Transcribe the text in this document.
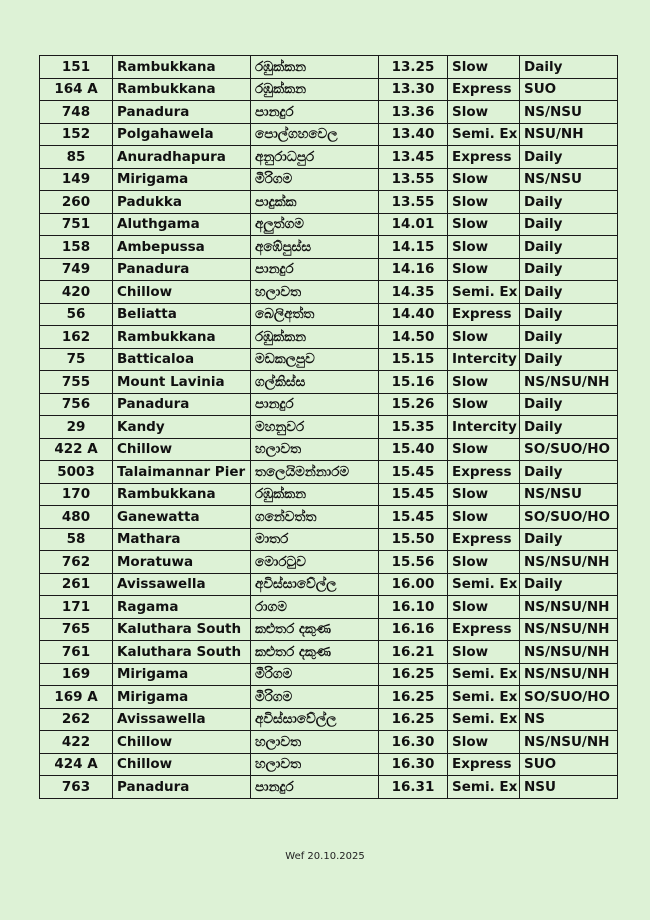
151	Rambukkana	රඹුක්කන	13.25	Slow	Daily
164 A	Rambukkana	රඹුක්කන	13.30	Express	SUO
748	Panadura	පානදුර	13.36	Slow	NS/NSU
152	Polgahawela	පොල්ගහවෙල	13.40	Semi. Ex	NSU/NH
85	Anuradhapura	අනුරාධපුර	13.45	Express	Daily
149	Mirigama	මීරිගම	13.55	Slow	NS/NSU
260	Padukka	පාදුක්ක	13.55	Slow	Daily
751	Aluthgama	අලුත්ගම	14.01	Slow	Daily
158	Ambepussa	අඹේපුස්ස	14.15	Slow	Daily
749	Panadura	පානදුර	14.16	Slow	Daily
420	Chillow	හලාවත	14.35	Semi. Ex	Daily
56	Beliatta	බෙලිඅත්ත	14.40	Express	Daily
162	Rambukkana	රඹුක්කන	14.50	Slow	Daily
75	Batticaloa	මඩකලපුව	15.15	Intercity	Daily
755	Mount Lavinia	ගල්කිස්ස	15.16	Slow	NS/NSU/NH
756	Panadura	පානදුර	15.26	Slow	Daily
29	Kandy	මහනුවර	15.35	Intercity	Daily
422 A	Chillow	හලාවත	15.40	Slow	SO/SUO/HO
5003	Talaimannar Pier	තලෙයිමන්නාරම	15.45	Express	Daily
170	Rambukkana	රඹුක්කන	15.45	Slow	NS/NSU
480	Ganewatta	ගනේවත්ත	15.45	Slow	SO/SUO/HO
58	Mathara	මාතර	15.50	Express	Daily
762	Moratuwa	මොරටුව	15.56	Slow	NS/NSU/NH
261	Avissawella	අවිස්සාවේල්ල	16.00	Semi. Ex	Daily
171	Ragama	රාගම	16.10	Slow	NS/NSU/NH
765	Kaluthara South	කළුතර දකුණ	16.16	Express	NS/NSU/NH
761	Kaluthara South	කළුතර දකුණ	16.21	Slow	NS/NSU/NH
169	Mirigama	මීරිගම	16.25	Semi. Ex	NS/NSU/NH
169 A	Mirigama	මීරිගම	16.25	Semi. Ex	SO/SUO/HO
262	Avissawella	අවිස්සාවේල්ල	16.25	Semi. Ex	NS
422	Chillow	හලාවත	16.30	Slow	NS/NSU/NH
424 A	Chillow	හලාවත	16.30	Express	SUO
763	Panadura	පානදුර	16.31	Semi. Ex	NSU
Wef 20.10.2025
